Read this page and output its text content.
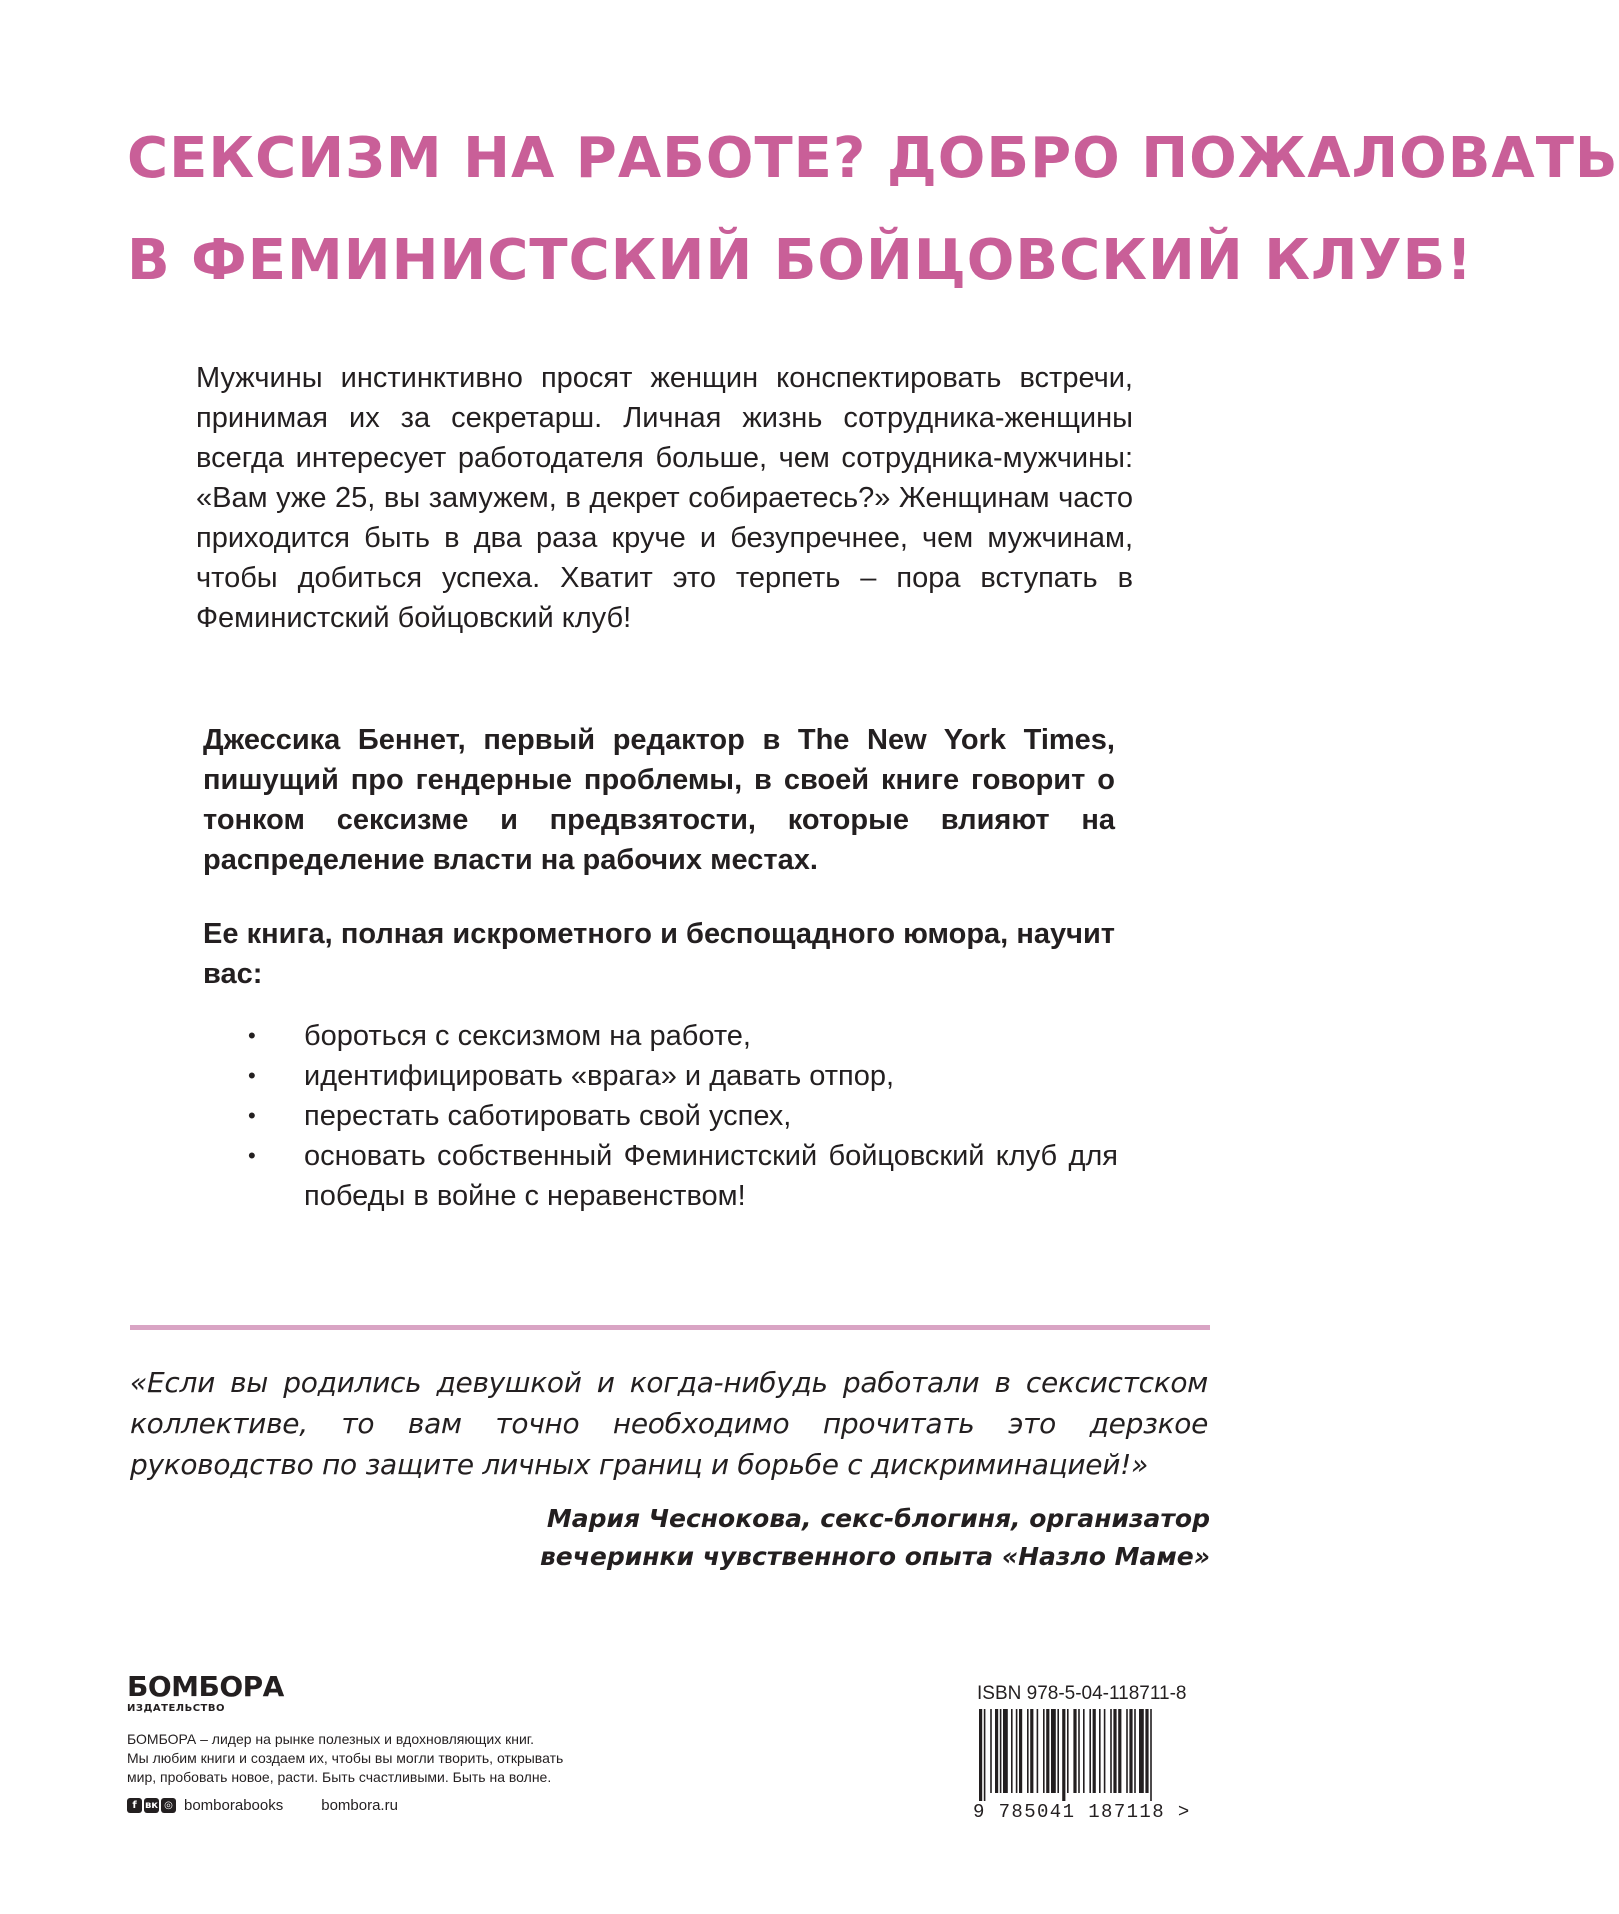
СЕКСИЗМ НА РАБОТЕ? ДОБРО ПОЖАЛОВАТЬ
В ФЕМИНИСТСКИЙ БОЙЦОВСКИЙ КЛУБ!

Мужчины инстинктивно просят женщин конспектировать встречи, принимая их за секретарш. Личная жизнь сотрудника-женщины всегда интересует работодателя больше, чем сотрудника-мужчины: «Вам уже 25, вы замужем, в декрет собираетесь?» Женщинам часто приходится быть в два раза круче и безупречнее, чем мужчинам, чтобы добиться успеха. Хватит это терпеть – пора вступать в Феминистский бойцовский клуб!

Джессика Беннет, первый редактор в The New York Times, пишущий про гендерные проблемы, в своей книге говорит о тонком сексизме и предвзятости, которые влияют на распределение власти на рабочих местах.

Ее книга, полная искрометного и беспощадного юмора, научит вас:

• бороться с сексизмом на работе,
• идентифицировать «врага» и давать отпор,
• перестать саботировать свой успех,
• основать собственный Феминистский бойцовский клуб для победы в войне с неравенством!

«Если вы родились девушкой и когда-нибудь работали в сексистском коллективе, то вам точно необходимо прочитать это дерзкое руководство по защите личных границ и борьбе с дискриминацией!»

Мария Чеснокова, секс-блогиня, организатор
вечеринки чувственного опыта «Назло Маме»
БОМБОРА
ИЗДАТЕЛЬСТВО
БОМБОРА – лидер на рынке полезных и вдохновляющих книг.
Мы любим книги и создаем их, чтобы вы могли творить, открывать
мир, пробовать новое, расти. Быть счастливыми. Быть на волне.
f вк ◎ bomborabooks	bombora.ru
ISBN 978-5-04-118711-8
9 785041 187118 >
